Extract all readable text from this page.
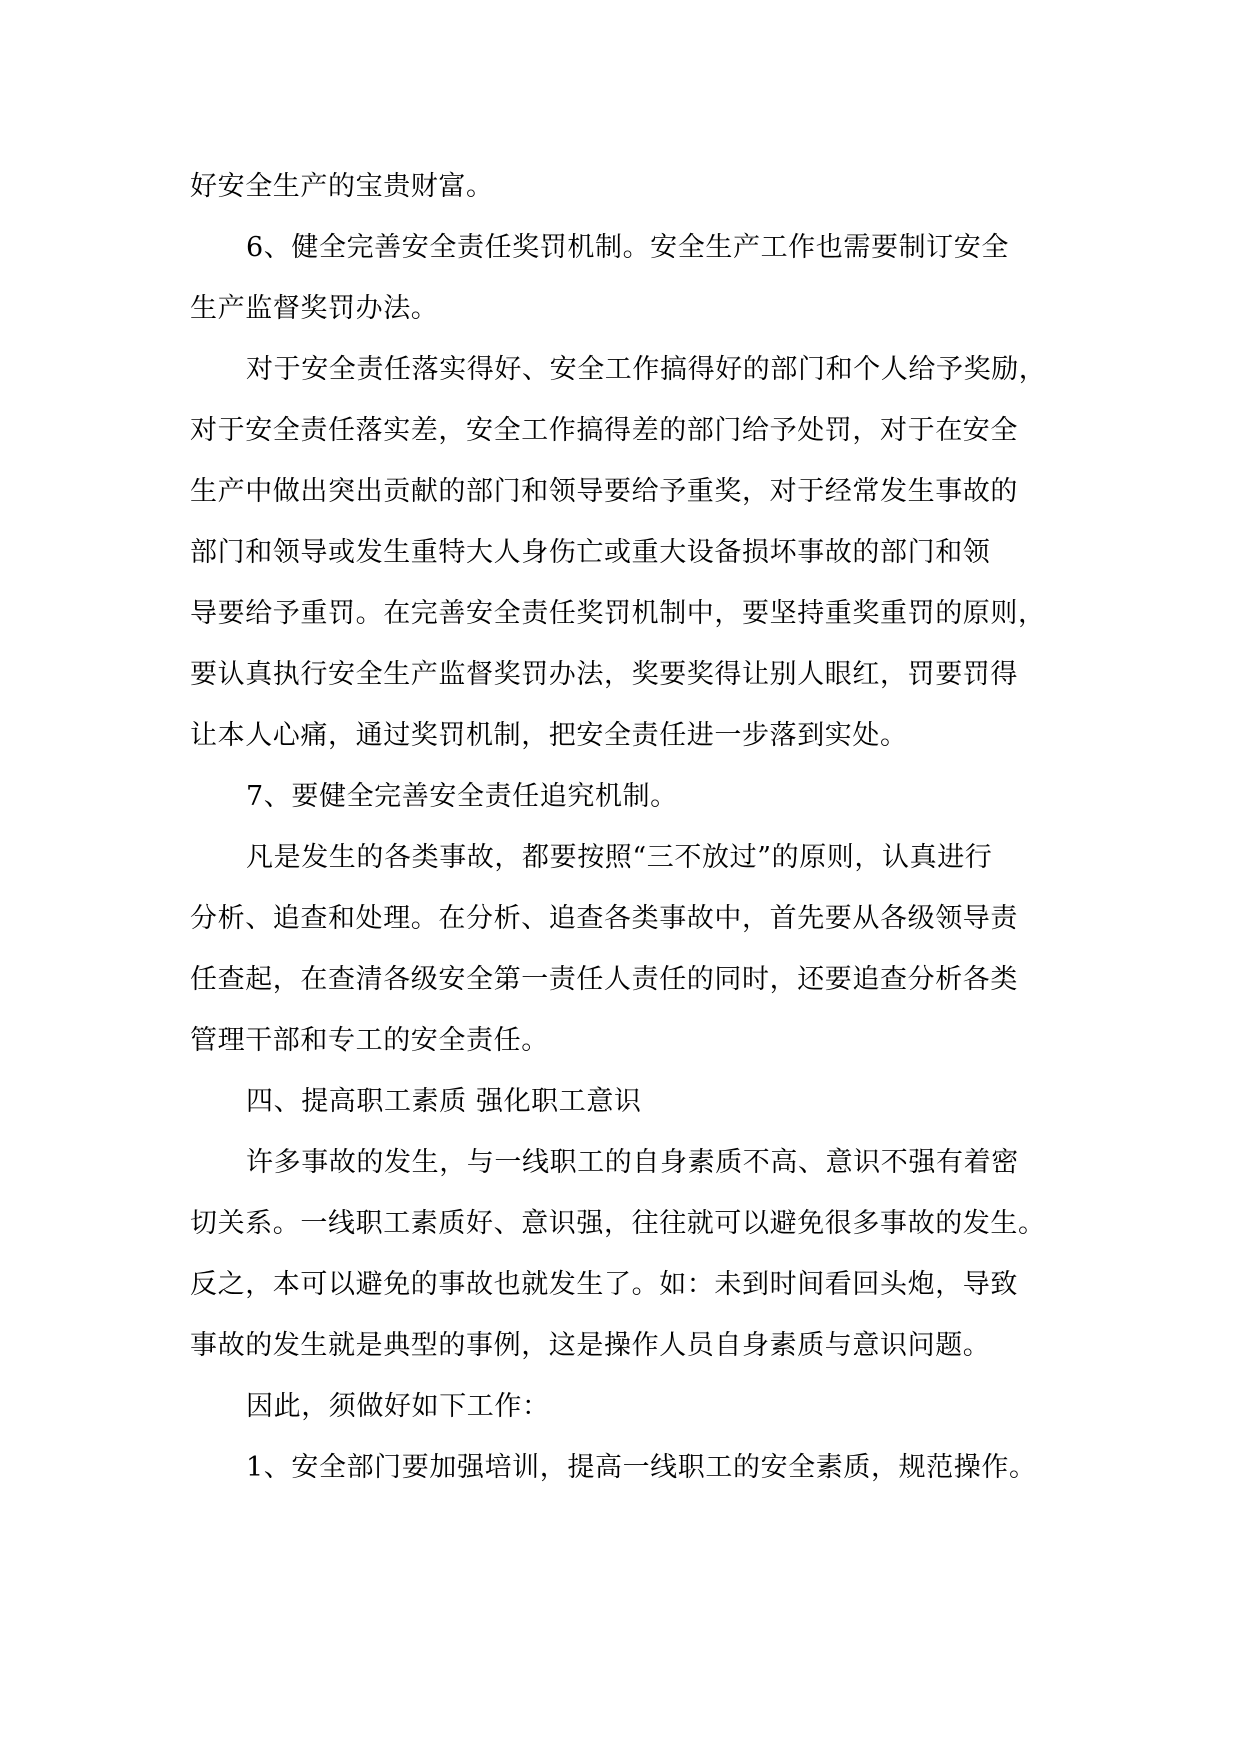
好安全生产的宝贵财富。
6、健全完善安全责任奖罚机制。安全生产工作也需要制订安全
生产监督奖罚办法。
对于安全责任落实得好、安全工作搞得好的部门和个人给予奖励，
对于安全责任落实差，安全工作搞得差的部门给予处罚，对于在安全
生产中做出突出贡献的部门和领导要给予重奖，对于经常发生事故的
部门和领导或发生重特大人身伤亡或重大设备损坏事故的部门和领
导要给予重罚。在完善安全责任奖罚机制中，要坚持重奖重罚的原则，
要认真执行安全生产监督奖罚办法，奖要奖得让别人眼红，罚要罚得
让本人心痛，通过奖罚机制，把安全责任进一步落到实处。
7、要健全完善安全责任追究机制。
凡是发生的各类事故，都要按照“三不放过”的原则，认真进行
分析、追查和处理。在分析、追查各类事故中，首先要从各级领导责
任查起，在查清各级安全第一责任人责任的同时，还要追查分析各类
管理干部和专工的安全责任。
四、提高职工素质 强化职工意识
许多事故的发生，与一线职工的自身素质不高、意识不强有着密
切关系。一线职工素质好、意识强，往往就可以避免很多事故的发生。
反之，本可以避免的事故也就发生了。如：未到时间看回头炮，导致
事故的发生就是典型的事例，这是操作人员自身素质与意识问题。
因此，须做好如下工作：
1、安全部门要加强培训，提高一线职工的安全素质，规范操作。
